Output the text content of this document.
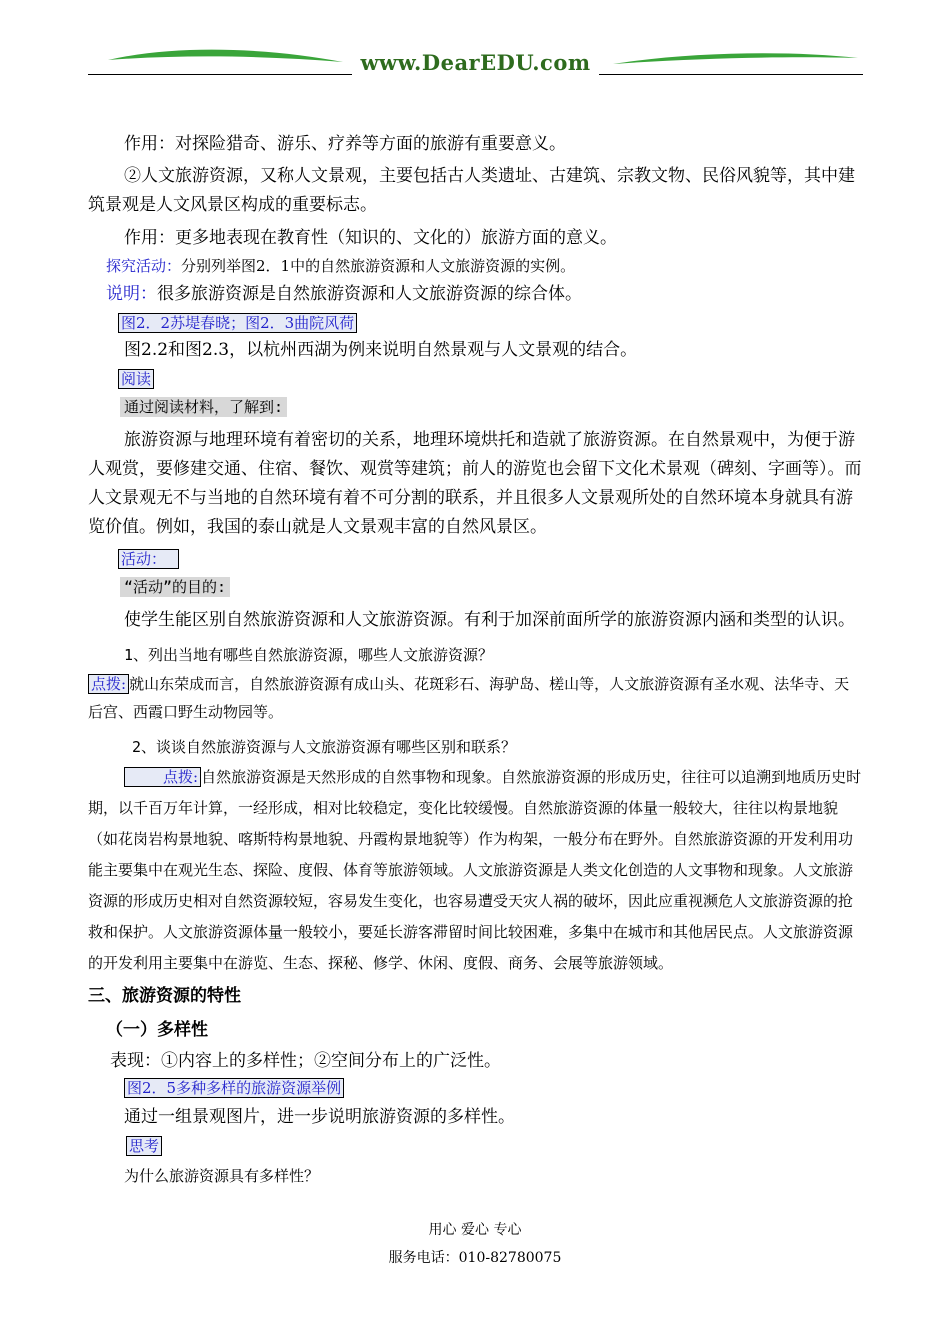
www.DearEDU.com

作用：对探险猎奇、游乐、疗养等方面的旅游有重要意义。

②人文旅游资源，又称人文景观，主要包括古人类遗址、古建筑、宗教文物、民俗风貌等，其中建筑景观是人文风景区构成的重要标志。

作用：更多地表现在教育性（知识的、文化的）旅游方面的意义。

探究活动：分别列举图2．1中的自然旅游资源和人文旅游资源的实例。

说明：很多旅游资源是自然旅游资源和人文旅游资源的综合体。

图2．2苏堤春晓；图2．3曲院风荷

图2.2和图2.3，以杭州西湖为例来说明自然景观与人文景观的结合。

阅读
通过阅读材料，了解到:

旅游资源与地理环境有着密切的关系，地理环境烘托和造就了旅游资源。在自然景观中，为便于游人观赏，要修建交通、住宿、餐饮、观赏等建筑；前人的游览也会留下文化术景观（碑刻、字画等）。而人文景观无不与当地的自然环境有着不可分割的联系，并且很多人文景观所处的自然环境本身就具有游览价值。例如，我国的泰山就是人文景观丰富的自然风景区。

活动：
“活动”的目的:

使学生能区别自然旅游资源和人文旅游资源。有利于加深前面所学的旅游资源内涵和类型的认识。

1、列出当地有哪些自然旅游资源，哪些人文旅游资源？

点拨: 就山东荣成而言，自然旅游资源有成山头、花斑彩石、海驴岛、槎山等，人文旅游资源有圣水观、法华寺、天后宫、西霞口野生动物园等。

2、谈谈自然旅游资源与人文旅游资源有哪些区别和联系？

点拨: 自然旅游资源是天然形成的自然事物和现象。自然旅游资源的形成历史，往往可以追溯到地质历史时期，以千百万年计算，一经形成，相对比较稳定，变化比较缓慢。自然旅游资源的体量一般较大，往往以构景地貌（如花岗岩构景地貌、喀斯特构景地貌、丹霞构景地貌等）作为构架，一般分布在野外。自然旅游资源的开发利用功能主要集中在观光生态、探险、度假、体育等旅游领域。人文旅游资源是人类文化创造的人文事物和现象。人文旅游资源的形成历史相对自然资源较短，容易发生变化，也容易遭受天灾人祸的破坏，因此应重视濒危人文旅游资源的抢救和保护。人文旅游资源体量一般较小，要延长游客滞留时间比较困难，多集中在城市和其他居民点。人文旅游资源的开发利用主要集中在游览、生态、探秘、修学、休闲、度假、商务、会展等旅游领域。

三、旅游资源的特性

（一）多样性

表现：①内容上的多样性；②空间分布上的广泛性。

图2．5多种多样的旅游资源举例

通过一组景观图片，进一步说明旅游资源的多样性。

思考

为什么旅游资源具有多样性？

用心 爱心 专心
服务电话：010-82780075
